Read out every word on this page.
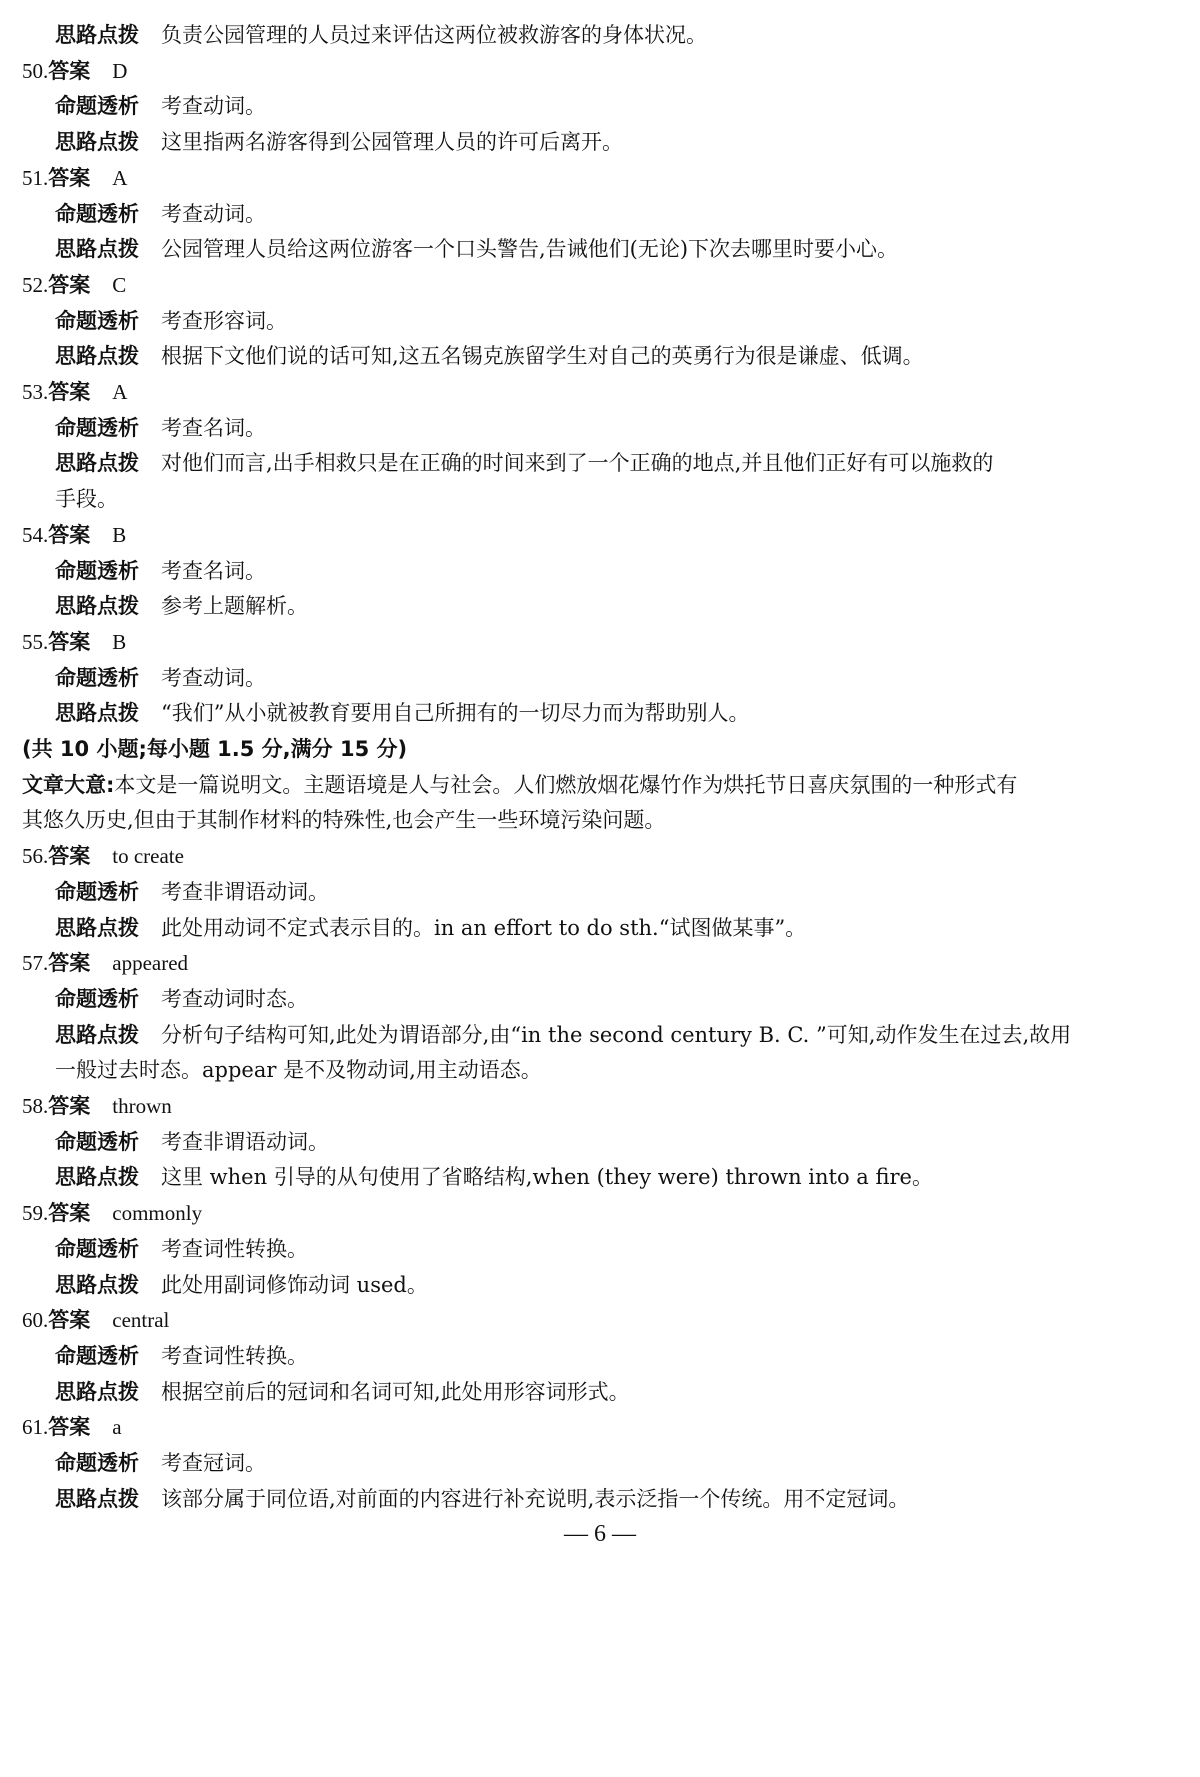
思路点拨 负责公园管理的人员过来评估这两位被救游客的身体状况。
50.答案 D
命题透析 考查动词。
思路点拨 这里指两名游客得到公园管理人员的许可后离开。
51.答案 A
命题透析 考查动词。
思路点拨 公园管理人员给这两位游客一个口头警告,告诫他们(无论)下次去哪里时要小心。
52.答案 C
命题透析 考查形容词。
思路点拨 根据下文他们说的话可知,这五名锡克族留学生对自己的英勇行为很是谦虚、低调。
53.答案 A
命题透析 考查名词。
思路点拨 对他们而言,出手相救只是在正确的时间来到了一个正确的地点,并且他们正好有可以施救的
手段。
54.答案 B
命题透析 考查名词。
思路点拨 参考上题解析。
55.答案 B
命题透析 考查动词。
思路点拨 “我们”从小就被教育要用自己所拥有的一切尽力而为帮助别人。
(共 10 小题;每小题 1.5 分,满分 15 分)
文章大意:本文是一篇说明文。主题语境是人与社会。人们燃放烟花爆竹作为烘托节日喜庆氛围的一种形式有
其悠久历史,但由于其制作材料的特殊性,也会产生一些环境污染问题。
56.答案 to create
命题透析 考查非谓语动词。
思路点拨 此处用动词不定式表示目的。in an effort to do sth.“试图做某事”。
57.答案 appeared
命题透析 考查动词时态。
思路点拨 分析句子结构可知,此处为谓语部分,由“in the second century B. C. ”可知,动作发生在过去,故用
一般过去时态。appear 是不及物动词,用主动语态。
58.答案 thrown
命题透析 考查非谓语动词。
思路点拨 这里 when 引导的从句使用了省略结构,when (they were) thrown into a fire。
59.答案 commonly
命题透析 考查词性转换。
思路点拨 此处用副词修饰动词 used。
60.答案 central
命题透析 考查词性转换。
思路点拨 根据空前后的冠词和名词可知,此处用形容词形式。
61.答案 a
命题透析 考查冠词。
思路点拨 该部分属于同位语,对前面的内容进行补充说明,表示泛指一个传统。用不定冠词。
— 6 —
